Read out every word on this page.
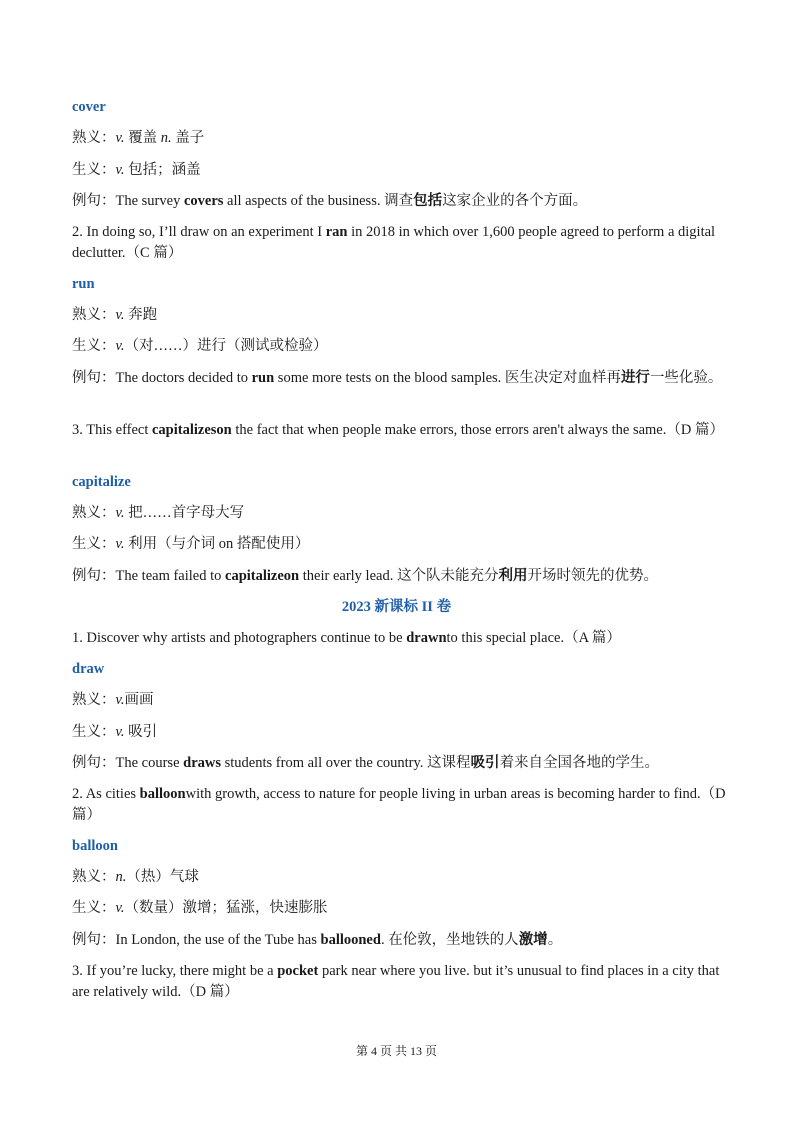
cover
熟义：v. 覆盖 n. 盖子
生义：v. 包括；涵盖
例句：The survey covers all aspects of the business. 调查包括这家企业的各个方面。
2. In doing so, I’ll draw on an experiment I ran in 2018 in which over 1,600 people agreed to perform a digital declutter.（C 篇）
run
熟义：v. 奔跑
生义：v.（对……）进行（测试或检验）
例句：The doctors decided to run some more tests on the blood samples. 医生决定对血样再进行一些化验。
3. This effect capitalizeson the fact that when people make errors, those errors aren't always the same.（D 篇）
capitalize
熟义：v. 把……首字母大写
生义：v. 利用（与介词 on 搭配使用）
例句：The team failed to capitalizeon their early lead. 这个队未能充分利用开场时领先的优势。
2023 新课标 II 卷
1. Discover why artists and photographers continue to be drawnto this special place.（A 篇）
draw
熟义：v.画画
生义：v. 吸引
例句：The course draws students from all over the country. 这课程吸引着来自全国各地的学生。
2. As cities balloonwith growth, access to nature for people living in urban areas is becoming harder to find.（D 篇）
balloon
熟义：n.（热）气球
生义：v.（数量）激增；猛涨，快速膨胀
例句：In London, the use of the Tube has ballooned. 在伦敦，坐地铁的人激增。
3. If you’re lucky, there might be a pocket park near where you live. but it’s unusual to find places in a city that are relatively wild.（D 篇）
第 4 页 共 13 页
